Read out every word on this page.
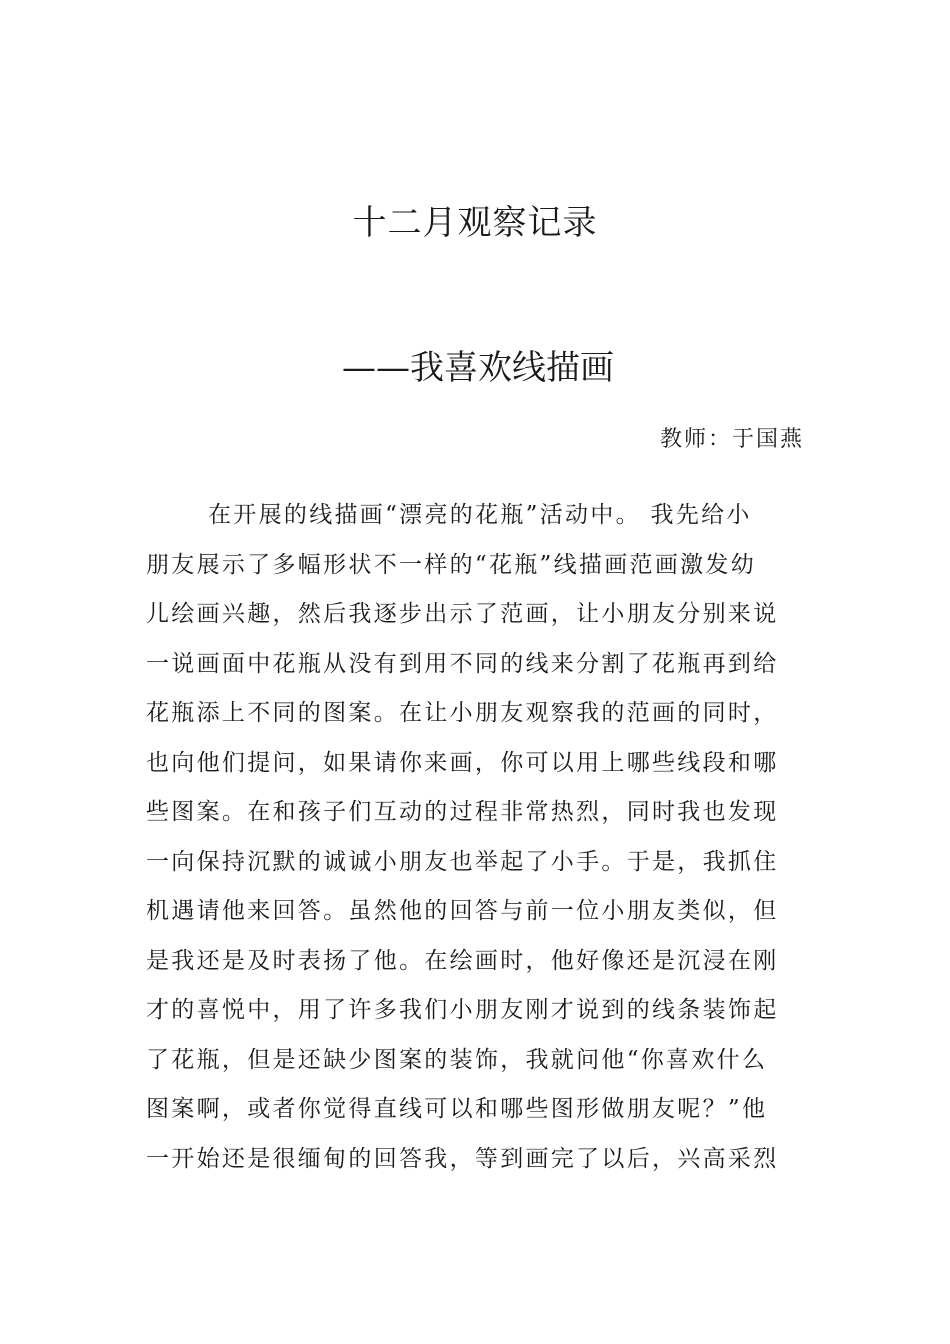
十二月观察记录
——我喜欢线描画
教师：于国燕
在开展的线描画“漂亮的花瓶”活动中。 我先给小
朋友展示了多幅形状不一样的“花瓶”线描画范画激发幼
儿绘画兴趣，然后我逐步出示了范画，让小朋友分别来说
一说画面中花瓶从没有到用不同的线来分割了花瓶再到给
花瓶添上不同的图案。在让小朋友观察我的范画的同时，
也向他们提问，如果请你来画，你可以用上哪些线段和哪
些图案。在和孩子们互动的过程非常热烈，同时我也发现
一向保持沉默的诚诚小朋友也举起了小手。于是，我抓住
机遇请他来回答。虽然他的回答与前一位小朋友类似，但
是我还是及时表扬了他。在绘画时，他好像还是沉浸在刚
才的喜悦中，用了许多我们小朋友刚才说到的线条装饰起
了花瓶，但是还缺少图案的装饰，我就问他“你喜欢什么
图案啊，或者你觉得直线可以和哪些图形做朋友呢？”他
一开始还是很缅甸的回答我，等到画完了以后，兴高采烈
